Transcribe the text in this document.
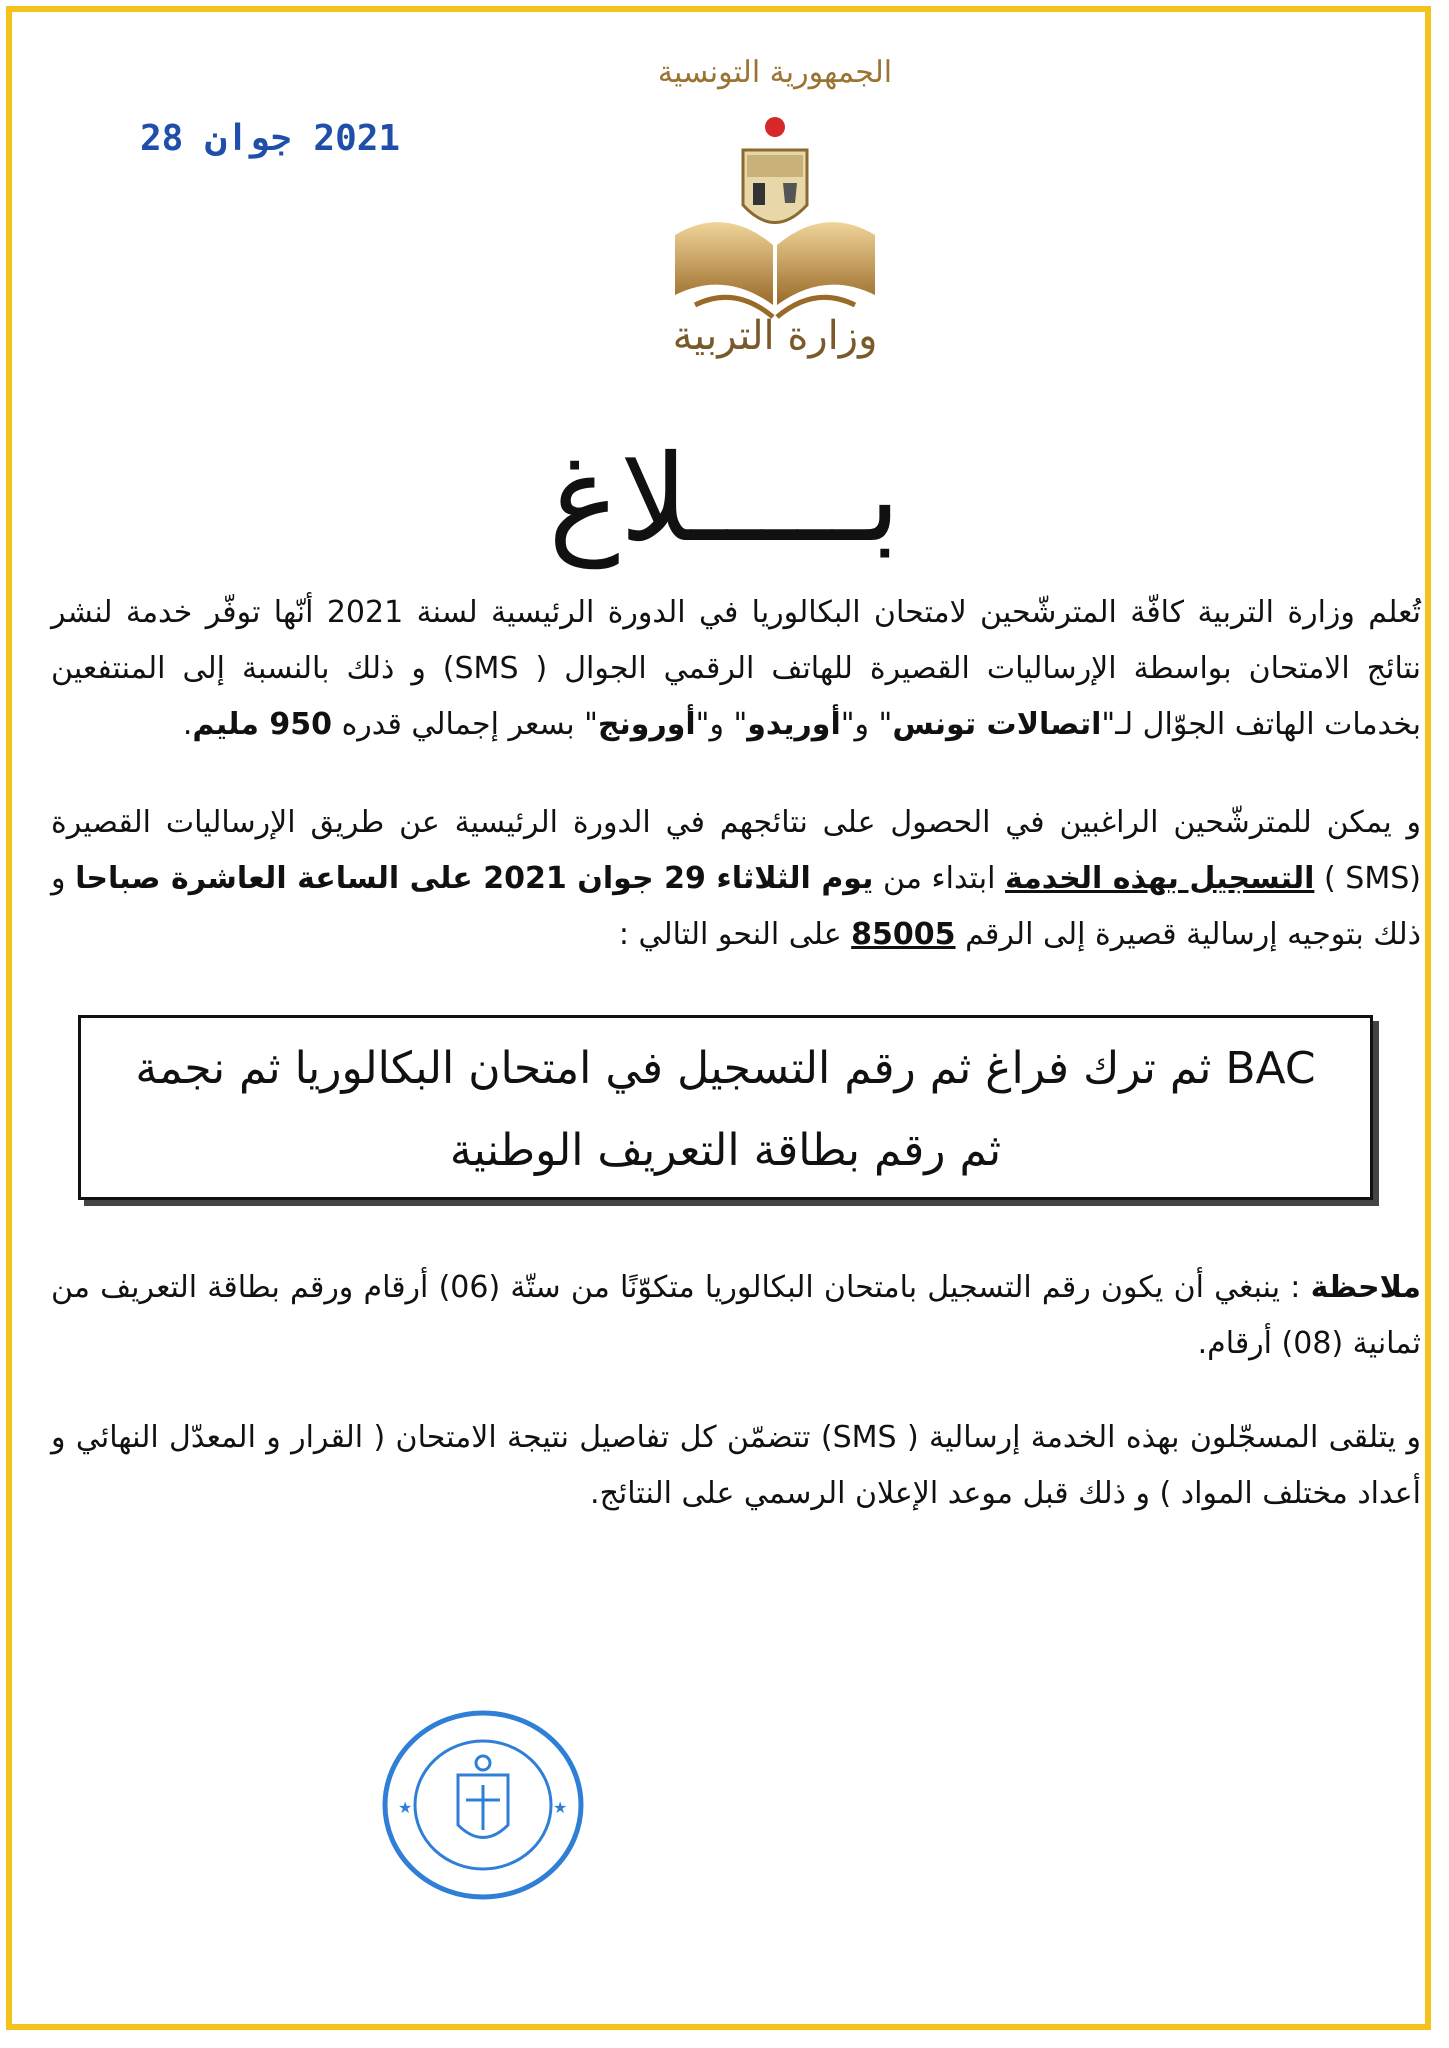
2021 جوان 28
الجمهورية التونسية
وزارة التربية
بـــــلاغ
تُعلم وزارة التربية كافّة المترشّحين لامتحان البكالوريا في الدورة الرئيسية لسنة 2021 أنّها توفّر خدمة لنشر نتائج الامتحان بواسطة الإرساليات القصيرة للهاتف الرقمي الجوال ( SMS) و ذلك بالنسبة إلى المنتفعين بخدمات الهاتف الجوّال لـ"اتصالات تونس" و"أوريدو" و"أورونج" بسعر إجمالي قدره 950 مليم.
و يمكن للمترشّحين الراغبين في الحصول على نتائجهم في الدورة الرئيسية عن طريق الإرساليات القصيرة (SMS ) التسجيل بهذه الخدمة ابتداء من يوم الثلاثاء 29 جوان 2021 على الساعة العاشرة صباحا و ذلك بتوجيه إرسالية قصيرة إلى الرقم 85005 على النحو التالي :
BAC ثم ترك فراغ ثم رقم التسجيل في امتحان البكالوريا ثم نجمة
ثم رقم بطاقة التعريف الوطنية
ملاحظة : ينبغي أن يكون رقم التسجيل بامتحان البكالوريا متكوّنًا من ستّة (06) أرقام ورقم بطاقة التعريف من ثمانية (08) أرقام.
و يتلقى المسجّلون بهذه الخدمة إرسالية ( SMS) تتضمّن كل تفاصيل نتيجة الامتحان ( القرار و المعدّل النهائي و أعداد مختلف المواد ) و ذلك قبل موعد الإعلان الرسمي على النتائج.
★	★
